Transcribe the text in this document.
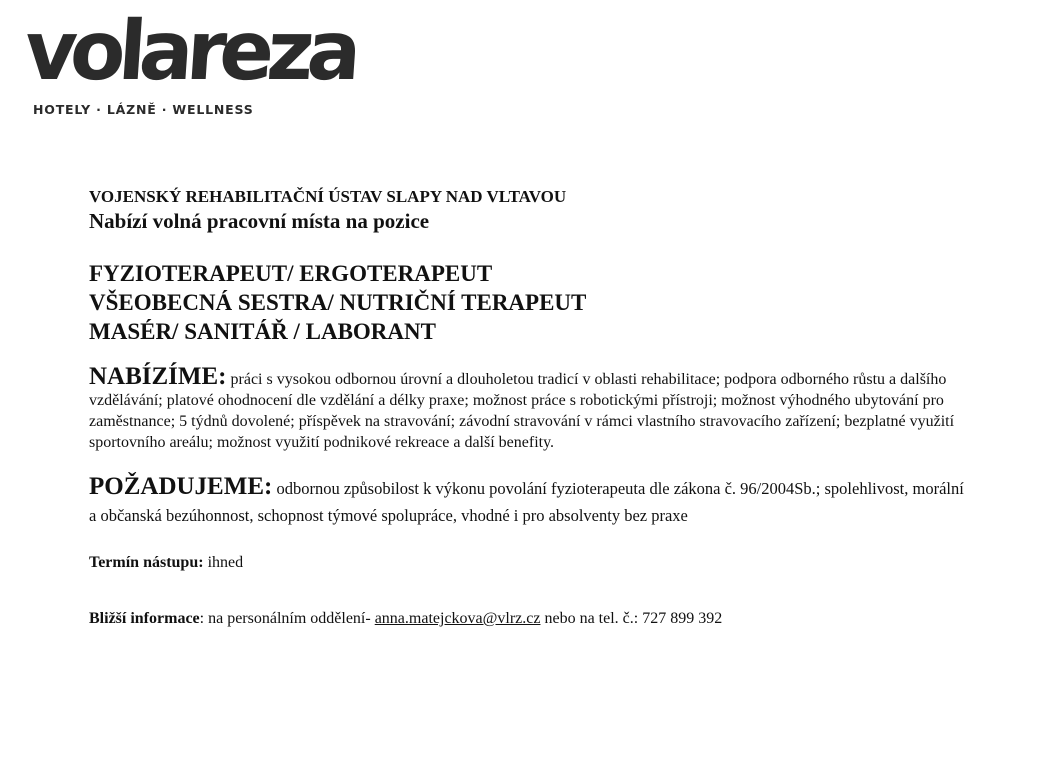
volareza
HOTELY · LÁZNĚ · WELLNESS

VOJENSKÝ REHABILITAČNÍ ÚSTAV SLAPY NAD VLTAVOU

Nabízí volná pracovní místa na pozice

FYZIOTERAPEUT/ ERGOTERAPEUT

VŠEOBECNÁ SESTRA/ NUTRIČNÍ TERAPEUT

MASÉR/ SANITÁŘ / LABORANT

NABÍZÍME: práci s vysokou odbornou úrovní a dlouholetou tradicí v oblasti rehabilitace; podpora odborného růstu a dalšího vzdělávání; platové ohodnocení dle vzdělání a délky praxe; možnost práce s robotickými přístroji; možnost výhodného ubytování pro zaměstnance; 5 týdnů dovolené; příspěvek na stravování; závodní stravování v rámci vlastního stravovacího zařízení; bezplatné využití sportovního areálu; možnost využití podnikové rekreace a další benefity.
POŽADUJEME: odbornou způsobilost k výkonu povolání fyzioterapeuta dle zákona č. 96/2004Sb.; spolehlivost, morální a občanská bezúhonnost, schopnost týmové spolupráce, vhodné i pro absolventy bez praxe
Termín nástupu: ihned
Bližší informace: na personálním oddělení- anna.matejckova@vlrz.cz nebo na tel. č.: 727 899 392
